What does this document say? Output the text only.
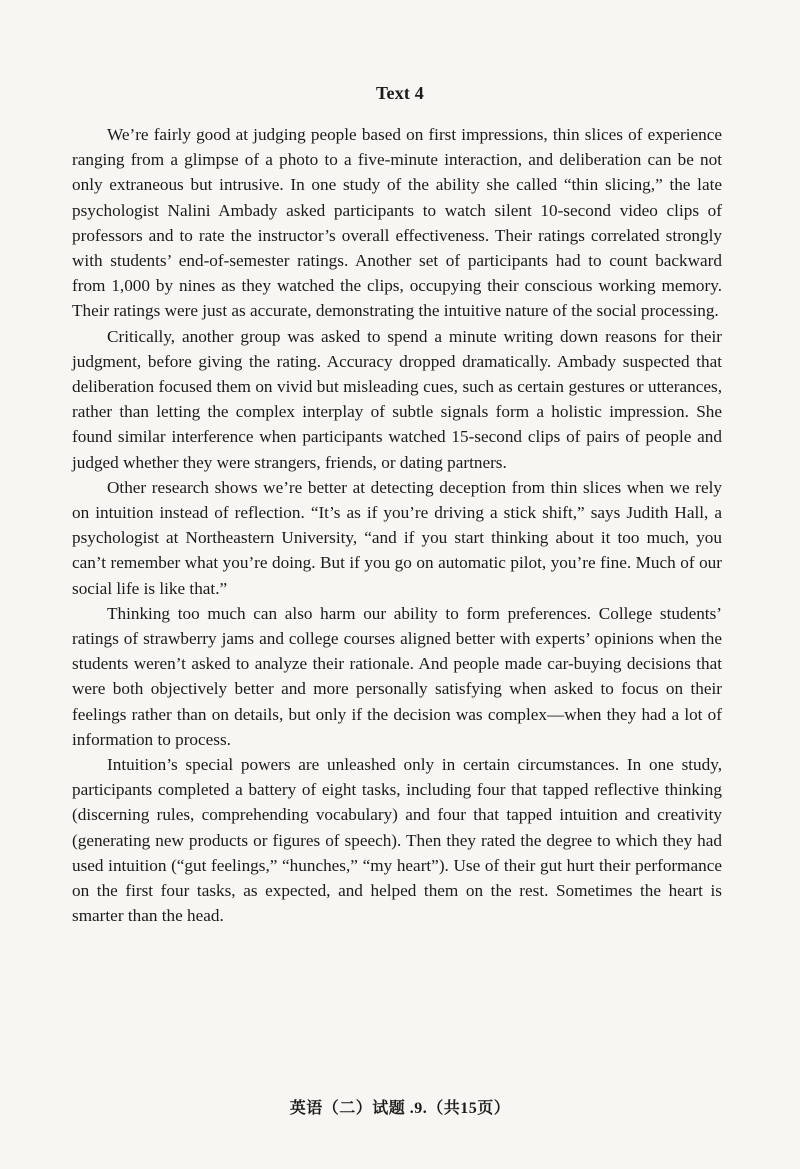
Text 4

We’re fairly good at judging people based on first impressions, thin slices of experience ranging from a glimpse of a photo to a five-minute interaction, and deliberation can be not only extraneous but intrusive. In one study of the ability she called “thin slicing,” the late psychologist Nalini Ambady asked participants to watch silent 10-second video clips of professors and to rate the instructor’s overall effectiveness. Their ratings correlated strongly with students’ end-of-semester ratings. Another set of participants had to count backward from 1,000 by nines as they watched the clips, occupying their conscious working memory. Their ratings were just as accurate, demonstrating the intuitive nature of the social processing.

Critically, another group was asked to spend a minute writing down reasons for their judgment, before giving the rating. Accuracy dropped dramatically. Ambady suspected that deliberation focused them on vivid but misleading cues, such as certain gestures or utterances, rather than letting the complex interplay of subtle signals form a holistic impression. She found similar interference when participants watched 15-second clips of pairs of people and judged whether they were strangers, friends, or dating partners.

Other research shows we’re better at detecting deception from thin slices when we rely on intuition instead of reflection. “It’s as if you’re driving a stick shift,” says Judith Hall, a psychologist at Northeastern University, “and if you start thinking about it too much, you can’t remember what you’re doing. But if you go on automatic pilot, you’re fine. Much of our social life is like that.”

Thinking too much can also harm our ability to form preferences. College students’ ratings of strawberry jams and college courses aligned better with experts’ opinions when the students weren’t asked to analyze their rationale. And people made car-buying decisions that were both objectively better and more personally satisfying when asked to focus on their feelings rather than on details, but only if the decision was complex—when they had a lot of information to process.

Intuition’s special powers are unleashed only in certain circumstances. In one study, participants completed a battery of eight tasks, including four that tapped reflective thinking (discerning rules, comprehending vocabulary) and four that tapped intuition and creativity (generating new products or figures of speech). Then they rated the degree to which they had used intuition (“gut feelings,” “hunches,” “my heart”). Use of their gut hurt their performance on the first four tasks, as expected, and helped them on the rest. Sometimes the heart is smarter than the head.

英语（二）试题 .9.（共15页）
